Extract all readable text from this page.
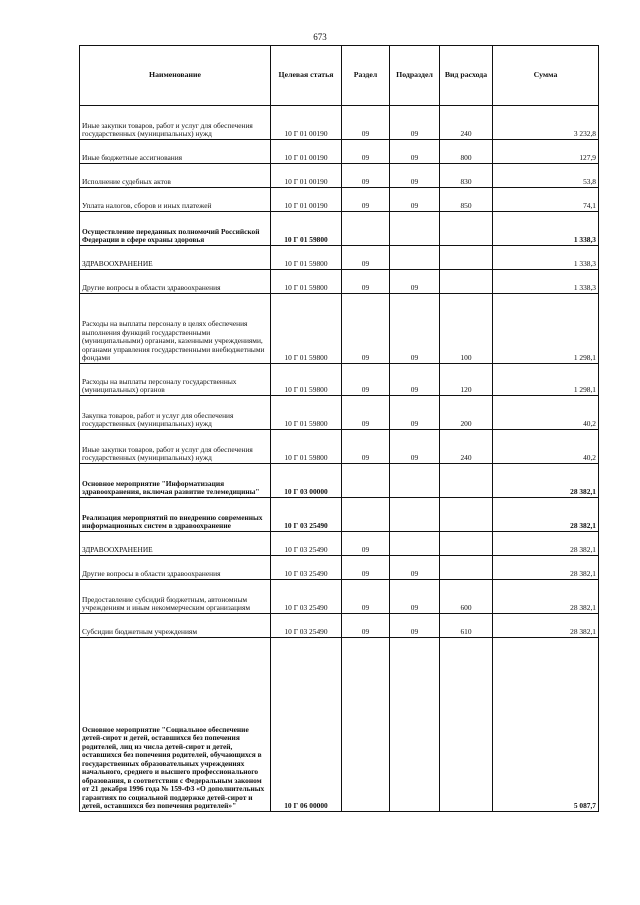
673
Наименование	Целевая статья	Раздел	Подраздел	Вид расхода	Сумма
Иные закупки товаров, работ и услуг для обеспечения государственных (муниципальных) нужд	10 Г 01 00190	09	09	240	3 232,8
Иные бюджетные ассигнования	10 Г 01 00190	09	09	800	127,9
Исполнение судебных актов	10 Г 01 00190	09	09	830	53,8
Уплата налогов, сборов и иных платежей	10 Г 01 00190	09	09	850	74,1
Осуществление переданных полномочий Российской Федерации в сфере охраны здоровья	10 Г 01 59800				1 338,3
ЗДРАВООХРАНЕНИЕ	10 Г 01 59800	09			1 338,3
Другие вопросы в области здравоохранения	10 Г 01 59800	09	09		1 338,3
Расходы на выплаты персоналу в целях обеспечения выполнения функций государственными (муниципальными) органами, казенными учреждениями, органами управления государственными внебюджетными фондами	10 Г 01 59800	09	09	100	1 298,1
Расходы на выплаты персоналу государственных (муниципальных) органов	10 Г 01 59800	09	09	120	1 298,1
Закупка товаров, работ и услуг для обеспечения государственных (муниципальных) нужд	10 Г 01 59800	09	09	200	40,2
Иные закупки товаров, работ и услуг для обеспечения государственных (муниципальных) нужд	10 Г 01 59800	09	09	240	40,2
Основное мероприятие "Информатизация здравоохранения, включая развитие телемедицины"	10 Г 03 00000				28 382,1
Реализация мероприятий по внедрению современных информационных систем в здравоохранение	10 Г 03 25490				28 382,1
ЗДРАВООХРАНЕНИЕ	10 Г 03 25490	09			28 382,1
Другие вопросы в области здравоохранения	10 Г 03 25490	09	09		28 382,1
Предоставление субсидий бюджетным, автономным учреждениям и иным некоммерческим организациям	10 Г 03 25490	09	09	600	28 382,1
Субсидии бюджетным учреждениям	10 Г 03 25490	09	09	610	28 382,1
Основное мероприятие "Социальное обеспечение детей-сирот и детей, оставшихся без попечения родителей, лиц из числа детей-сирот и детей, оставшихся без попечения родителей, обучающихся в государственных образовательных учреждениях начального, среднего и высшего профессионального образования, в соответствии с Федеральным законом от 21 декабря 1996 года № 159-ФЗ «О дополнительных гарантиях по социальной поддержке детей-сирот и детей, оставшихся без попечения родителей»"	10 Г 06 00000				5 087,7
